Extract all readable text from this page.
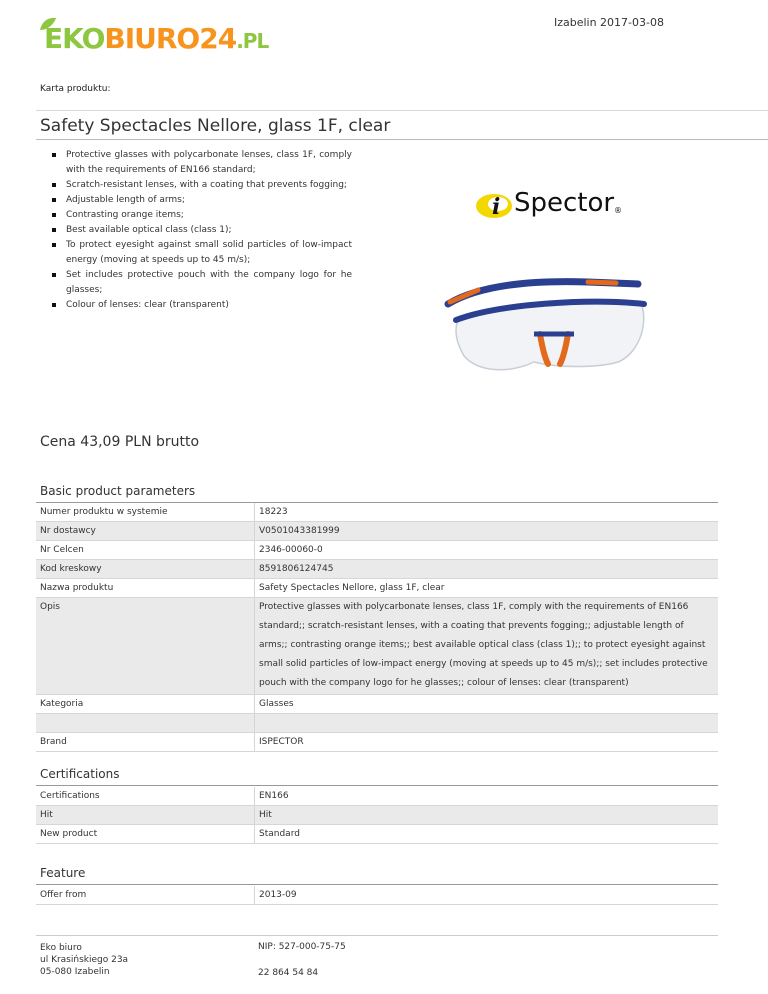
EKOBIURO24.PL
Izabelin 2017-03-08
Karta produktu:
Safety Spectacles Nellore, glass 1F, clear
Protective glasses with polycarbonate lenses, class 1F, comply with the requirements of EN166 standard;
Scratch-resistant lenses, with a coating that prevents fogging;
Adjustable length of arms;
Contrasting orange items;
Best available optical class (class 1);
To protect eyesight against small solid particles of low-impact energy (moving at speeds up to 45 m/s);
Set includes protective pouch with the company logo for he glasses;
Colour of lenses: clear (transparent)
i Spector ®
Cena 43,09 PLN brutto
Basic product parameters
Numer produktu w systemie	18223
Nr dostawcy	V0501043381999
Nr Celcen	2346-00060-0
Kod kreskowy	8591806124745
Nazwa produktu	Safety Spectacles Nellore, glass 1F, clear
Opis	Protective glasses with polycarbonate lenses, class 1F, comply with the requirements of EN166 standard;; scratch-resistant lenses, with a coating that prevents fogging;; adjustable length of arms;; contrasting orange items;; best available optical class (class 1);; to protect eyesight against small solid particles of low-impact energy (moving at speeds up to 45 m/s);; set includes protective pouch with the company logo for he glasses;; colour of lenses: clear (transparent)
Kategoria	Glasses

Brand	ISPECTOR
Certifications
Certifications	EN166
Hit	Hit
New product	Standard
Feature
Offer from	2013-09
Eko biuro
ul Krasińskiego 23a
05-080 Izabelin
NIP: 527-000-75-75
22 864 54 84
